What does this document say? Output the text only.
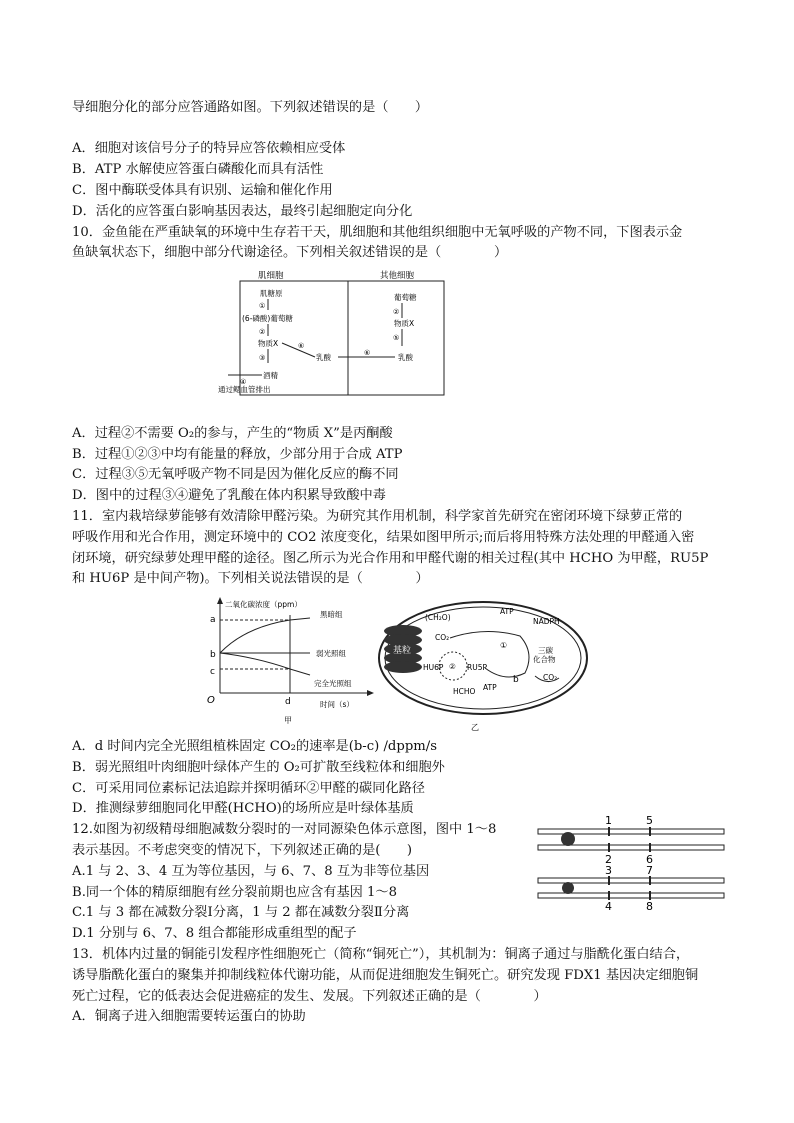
导细胞分化的部分应答通路如图。下列叙述错误的是（　　）
A．细胞对该信号分子的特异应答依赖相应受体
B．ATP 水解使应答蛋白磷酸化而具有活性
C．图中酶联受体具有识别、运输和催化作用
D．活化的应答蛋白影响基因表达，最终引起细胞定向分化
10．金鱼能在严重缺氧的环境中生存若干天，肌细胞和其他组织细胞中无氧呼吸的产物不同，下图表示金
鱼缺氧状态下，细胞中部分代谢途径。下列相关叙述错误的是（　　　　）
肌细胞	其他细胞
肌糖原
①
(6-磷酸)葡萄糖
②
物质X
③
酒精
④
通过鳃血管排出
葡萄糖
②
物质X
⑤
乳酸
⑥
乳酸
⑥
A．过程②不需要 O₂的参与，产生的“物质 X”是丙酮酸
B．过程①②③中均有能量的释放，少部分用于合成 ATP
C．过程③⑤无氧呼吸产物不同是因为催化反应的酶不同
D．图中的过程③④避免了乳酸在体内积累导致酸中毒
11．室内栽培绿萝能够有效清除甲醛污染。为研究其作用机制，科学家首先研究在密闭环境下绿萝正常的
呼吸作用和光合作用，测定环境中的 CO2 浓度变化，结果如图甲所示;而后将用特殊方法处理的甲醛通入密
闭环境，研究绿萝处理甲醛的途径。图乙所示为光合作用和甲醛代谢的相关过程(其中 HCHO 为甲醛，RU5P
和 HU6P 是中间产物)。下列相关说法错误的是（　　　　）
二氧化碳浓度（ppm）
O
a
b
c
d
黑暗组
弱光照组
完全光照组
时间（s）
甲
基粒
(CH₂O)
ATP
NADPH
CO₂
①
三碳
化合物
HU6P ② RU5P
b	CO₂
HCHO ATP
乙
A．d 时间内完全光照组植株固定 CO₂的速率是(b-c) /dppm/s
B．弱光照组叶肉细胞叶绿体产生的 O₂可扩散至线粒体和细胞外
C．可采用同位素标记法追踪并探明循环②甲醛的碳同化路径
D．推测绿萝细胞同化甲醛(HCHO)的场所应是叶绿体基质
12.如图为初级精母细胞减数分裂时的一对同源染色体示意图，图中 1～8
表示基因。不考虑突变的情况下，下列叙述正确的是(　　)
A.1 与 2、3、4 互为等位基因，与 6、7、8 互为非等位基因
B.同一个体的精原细胞有丝分裂前期也应含有基因 1～8
C.1 与 3 都在减数分裂Ⅰ分离，1 与 2 都在减数分裂Ⅱ分离
D.1 分别与 6、7、8 组合都能形成重组型的配子
1	5
2	6
3	7
4	8
13．机体内过量的铜能引发程序性细胞死亡（简称“铜死亡”），其机制为：铜离子通过与脂酰化蛋白结合，
诱导脂酰化蛋白的聚集并抑制线粒体代谢功能，从而促进细胞发生铜死亡。研究发现 FDX1 基因决定细胞铜
死亡过程，它的低表达会促进癌症的发生、发展。下列叙述正确的是（　　　　）
A．铜离子进入细胞需要转运蛋白的协助
